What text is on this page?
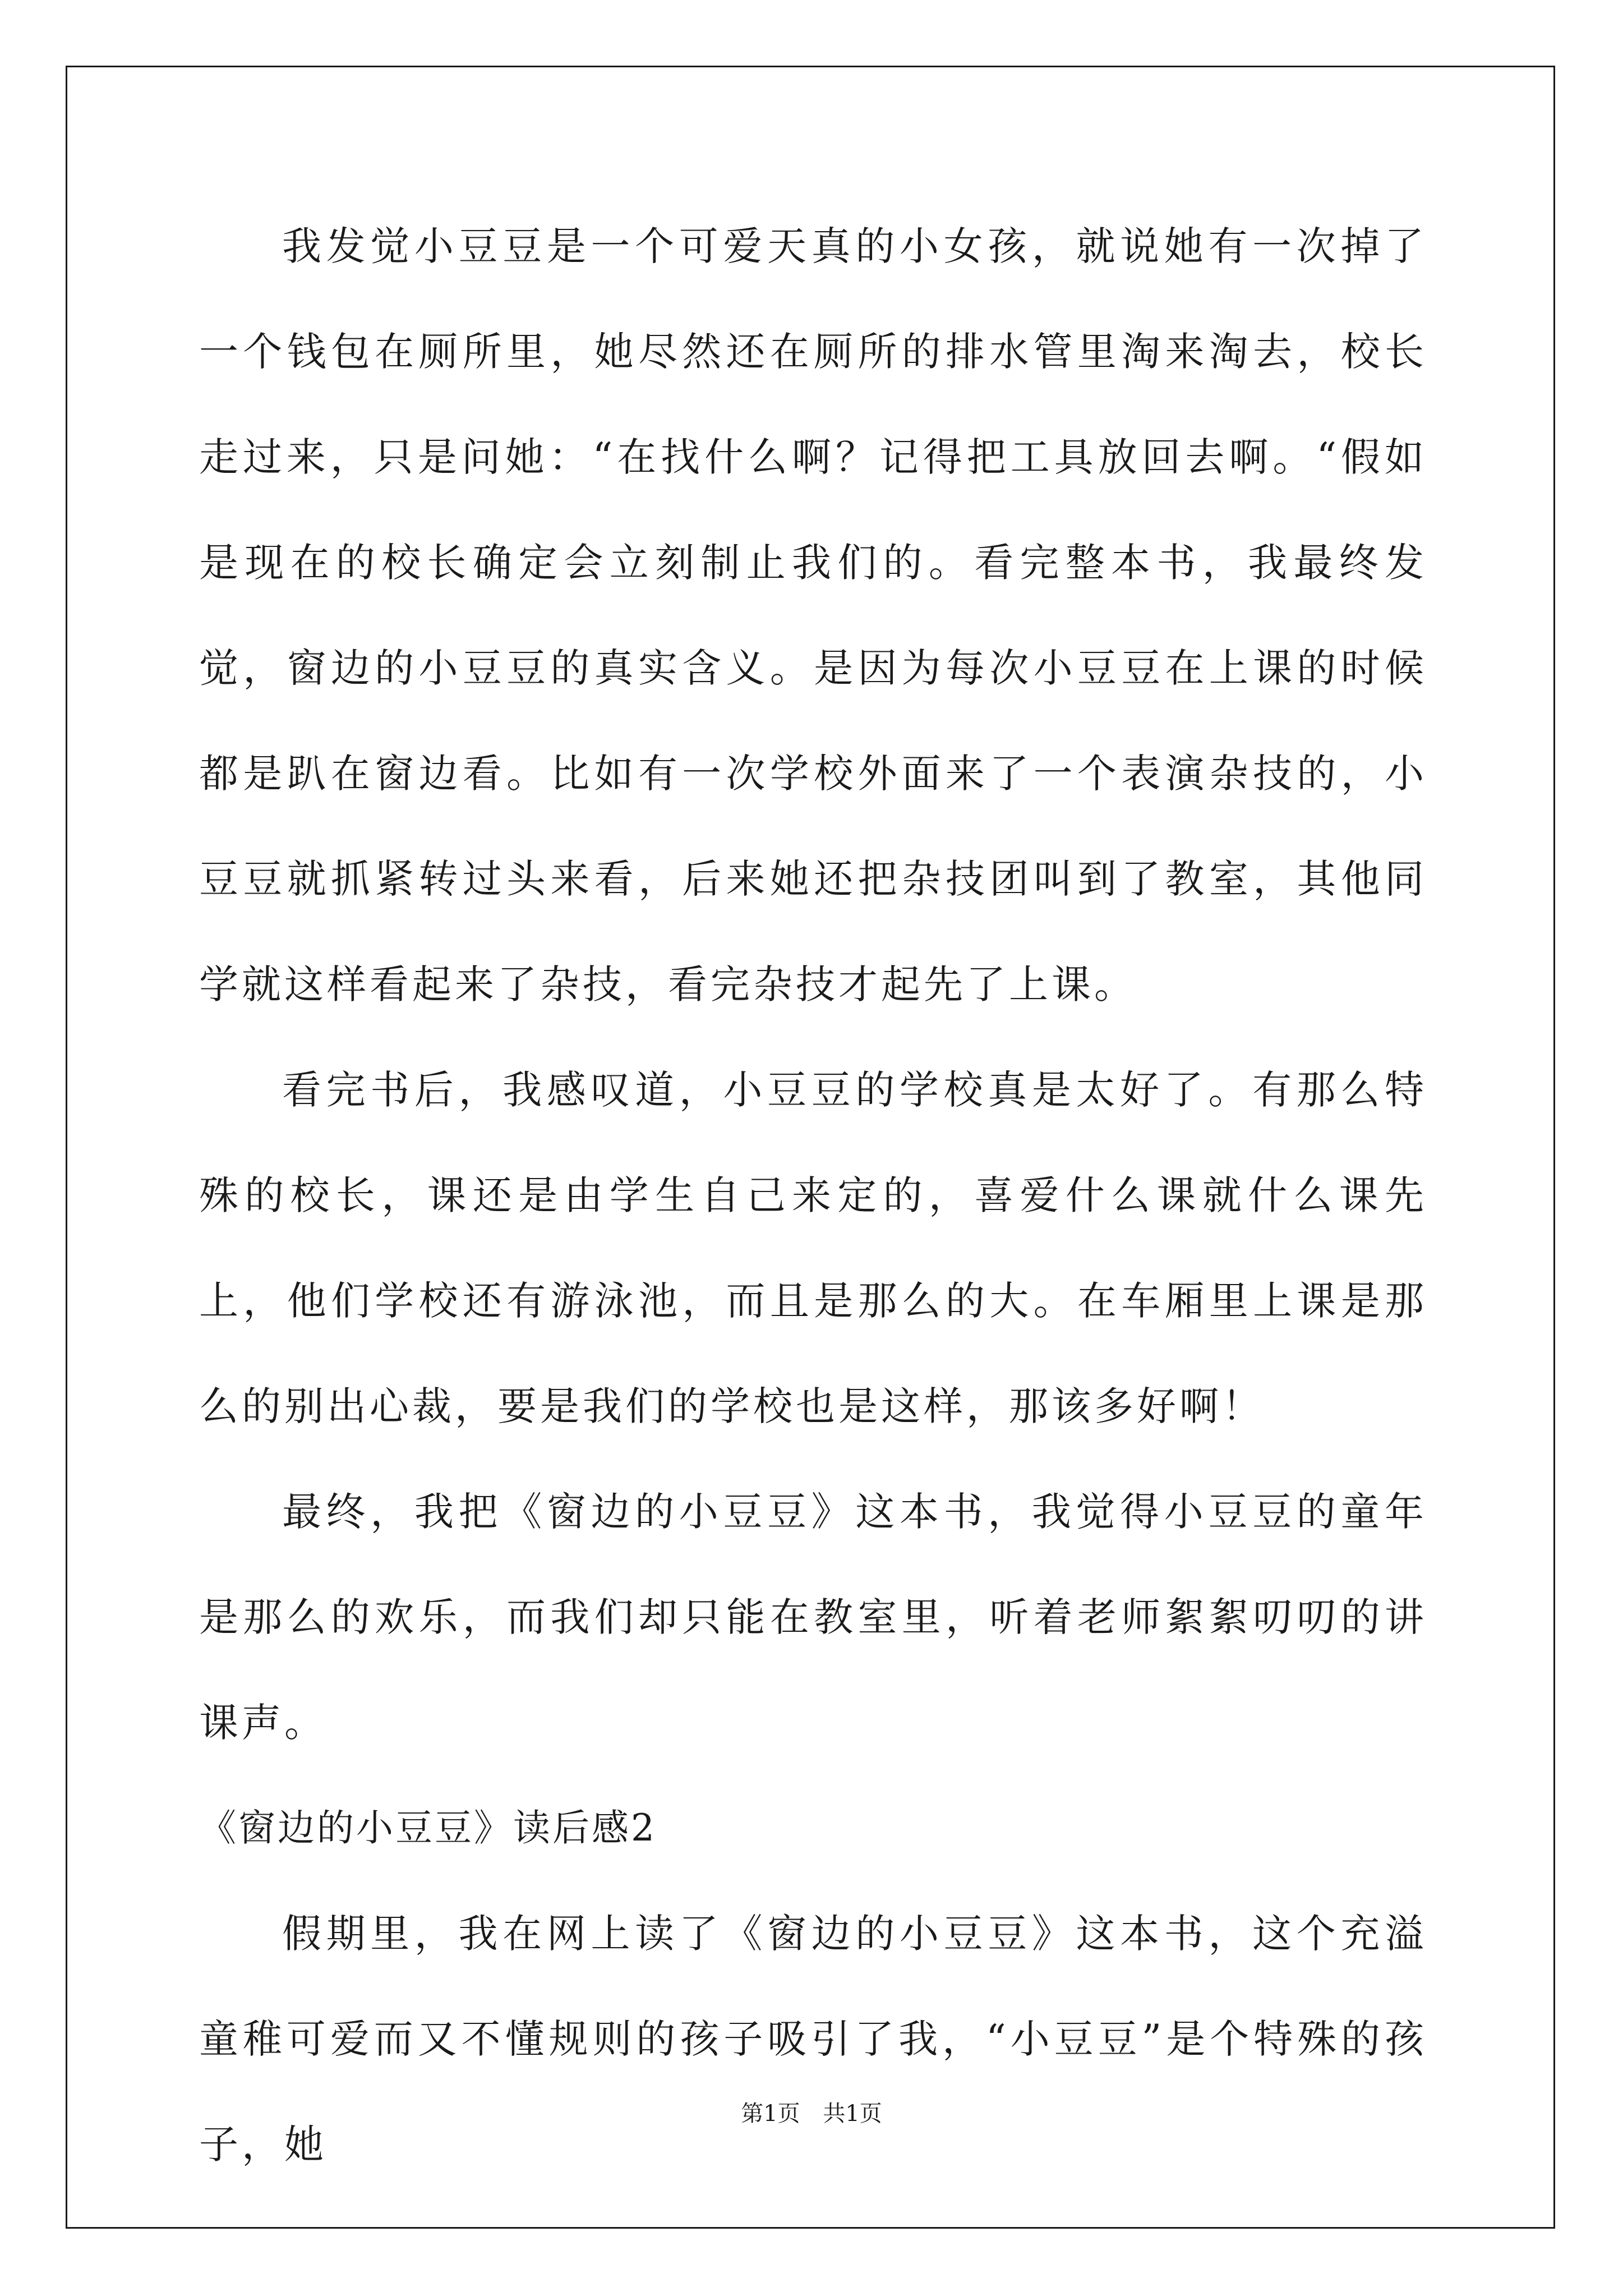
我发觉小豆豆是一个可爱天真的小女孩，就说她有一次掉了一个钱包在厕所里，她尽然还在厕所的排水管里淘来淘去，校长走过来，只是问她：“在找什么啊？记得把工具放回去啊。“假如是现在的校长确定会立刻制止我们的。看完整本书，我最终发觉，窗边的小豆豆的真实含义。是因为每次小豆豆在上课的时候都是趴在窗边看。比如有一次学校外面来了一个表演杂技的，小豆豆就抓紧转过头来看，后来她还把杂技团叫到了教室，其他同学就这样看起来了杂技，看完杂技才起先了上课。

看完书后，我感叹道，小豆豆的学校真是太好了。有那么特殊的校长，课还是由学生自己来定的，喜爱什么课就什么课先上，他们学校还有游泳池，而且是那么的大。在车厢里上课是那么的别出心裁，要是我们的学校也是这样，那该多好啊！

最终，我把《窗边的小豆豆》这本书，我觉得小豆豆的童年是那么的欢乐，而我们却只能在教室里，听着老师絮絮叨叨的讲课声。

《窗边的小豆豆》读后感2

假期里，我在网上读了《窗边的小豆豆》这本书，这个充溢童稚可爱而又不懂规则的孩子吸引了我，“小豆豆”是个特殊的孩子，她

第1页 共1页
